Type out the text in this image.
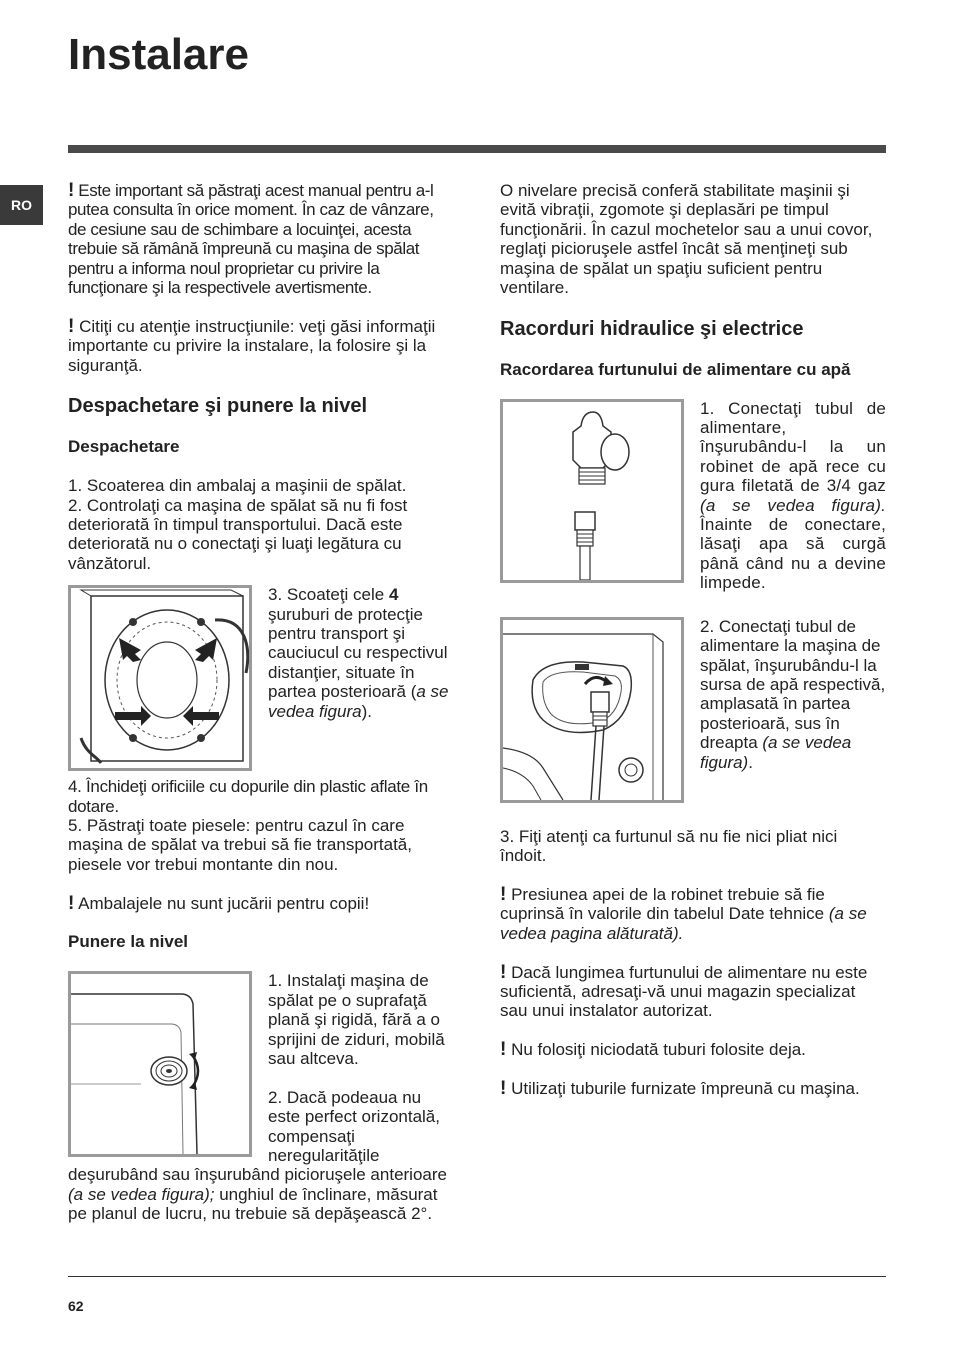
Instalare
RO

! Este important să păstraţi acest manual pentru a-l putea consulta în orice moment. În caz de vânzare, de cesiune sau de schimbare a locuinţei, acesta trebuie să rămână împreună cu maşina de spălat pentru a informa noul proprietar cu privire la funcţionare şi la respectivele avertismente.

! Citiţi cu atenţie instrucţiunile: veţi găsi informaţii importante cu privire la instalare, la folosire şi la siguranţă.

Despachetare şi punere la nivel
Despachetare
1. Scoaterea din ambalaj a maşinii de spălat.

2. Controlaţi ca maşina de spălat să nu fi fost deteriorată în timpul transportului. Dacă este deteriorată nu o conectaţi şi luaţi legătura cu vânzătorul.

3. Scoateţi cele 4 şuruburi de protecţie pentru transport şi cauciucul cu respectivul distanţier, situate în partea posterioară (a se vedea figura).
4. Închideţi orificiile cu dopurile din plastic aflate în dotare.

5. Păstraţi toate piesele: pentru cazul în care maşina de spălat va trebui să fie transportată, piesele vor trebui montante din nou.

! Ambalajele nu sunt jucării pentru copii!

Punere la nivel
1. Instalaţi maşina de spălat pe o suprafaţă plană şi rigidă, fără a o sprijini de ziduri, mobilă sau altceva.
2. Dacă podeaua nu este perfect orizontală, compensaţi neregularităţile deşurubând sau înşurubând picioruşele anterioare (a se vedea figura); unghiul de înclinare, măsurat pe planul de lucru, nu trebuie să depăşească 2°.

O nivelare precisă conferă stabilitate maşinii şi evită vibraţii, zgomote şi deplasări pe timpul funcţionării. În cazul mochetelor sau a unui covor, reglaţi picioruşele astfel încât să menţineţi sub maşina de spălat un spaţiu suficient pentru ventilare.

Racorduri hidraulice şi electrice
Racordarea furtunului de alimentare cu apă
1. Conectaţi tubul de alimentare, înşurubându-l la un robinet de apă rece cu gura filetată de 3/4 gaz (a se vedea figura). Înainte de conectare, lăsaţi apa să curgă până când nu a devine limpede.
2. Conectaţi tubul de alimentare la maşina de spălat, înşurubându-l la sursa de apă respectivă, amplasată în partea posterioară, sus în dreapta (a se vedea figura).

3. Fiţi atenţi ca furtunul să nu fie nici pliat nici îndoit.

! Presiunea apei de la robinet trebuie să fie cuprinsă în valorile din tabelul Date tehnice (a se vedea pagina alăturată).

! Dacă lungimea furtunului de alimentare nu este suficientă, adresaţi-vă unui magazin specializat sau unui instalator autorizat.

! Nu folosiţi niciodată tuburi folosite deja.

! Utilizaţi tuburile furnizate împreună cu maşina.

62
